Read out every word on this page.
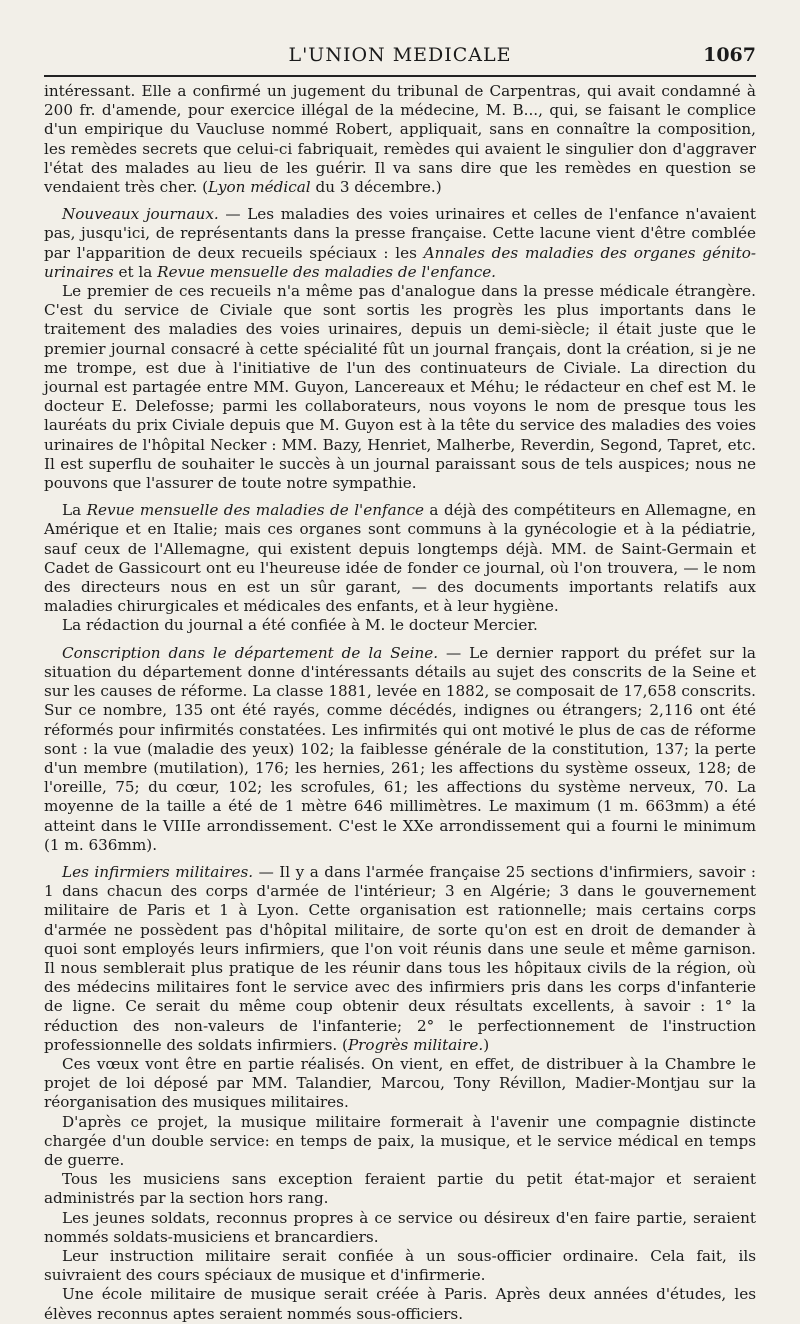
L'UNION MEDICALE	1067

intéressant. Elle a confirmé un jugement du tribunal de Carpentras, qui avait condamné à 200 fr. d'amende, pour exercice illégal de la médecine, M. B..., qui, se faisant le complice d'un empirique du Vaucluse nommé Robert, appliquait, sans en connaître la composition, les remèdes secrets que celui-ci fabriquait, remèdes qui avaient le singulier don d'aggraver l'état des malades au lieu de les guérir. Il va sans dire que les remèdes en question se vendaient très cher. (Lyon médical du 3 décembre.)

Nouveaux journaux. — Les maladies des voies urinaires et celles de l'enfance n'avaient pas, jusqu'ici, de représentants dans la presse française. Cette lacune vient d'être comblée par l'apparition de deux recueils spéciaux : les Annales des maladies des organes génito-urinaires et la Revue mensuelle des maladies de l'enfance.

Le premier de ces recueils n'a même pas d'analogue dans la presse médicale étrangère. C'est du service de Civiale que sont sortis les progrès les plus importants dans le traitement des maladies des voies urinaires, depuis un demi-siècle; il était juste que le premier journal consacré à cette spécialité fût un journal français, dont la création, si je ne me trompe, est due à l'initiative de l'un des continuateurs de Civiale. La direction du journal est partagée entre MM. Guyon, Lancereaux et Méhu; le rédacteur en chef est M. le docteur E. Delefosse; parmi les collaborateurs, nous voyons le nom de presque tous les lauréats du prix Civiale depuis que M. Guyon est à la tête du service des maladies des voies urinaires de l'hôpital Necker : MM. Bazy, Henriet, Malherbe, Reverdin, Segond, Tapret, etc. Il est superflu de souhaiter le succès à un journal paraissant sous de tels auspices; nous ne pouvons que l'assurer de toute notre sympathie.

La Revue mensuelle des maladies de l'enfance a déjà des compétiteurs en Allemagne, en Amérique et en Italie; mais ces organes sont communs à la gynécologie et à la pédiatrie, sauf ceux de l'Allemagne, qui existent depuis longtemps déjà. MM. de Saint-Germain et Cadet de Gassicourt ont eu l'heureuse idée de fonder ce journal, où l'on trouvera, — le nom des directeurs nous en est un sûr garant, — des documents importants relatifs aux maladies chirurgicales et médicales des enfants, et à leur hygiène.

La rédaction du journal a été confiée à M. le docteur Mercier.

Conscription dans le département de la Seine. — Le dernier rapport du préfet sur la situation du département donne d'intéressants détails au sujet des conscrits de la Seine et sur les causes de réforme. La classe 1881, levée en 1882, se composait de 17,658 conscrits. Sur ce nombre, 135 ont été rayés, comme décédés, indignes ou étrangers; 2,116 ont été réformés pour infirmités constatées. Les infirmités qui ont motivé le plus de cas de réforme sont : la vue (maladie des yeux) 102; la faiblesse générale de la constitution, 137; la perte d'un membre (mutilation), 176; les hernies, 261; les affections du système osseux, 128; de l'oreille, 75; du cœur, 102; les scrofules, 61; les affections du système nerveux, 70. La moyenne de la taille a été de 1 mètre 646 millimètres. Le maximum (1 m. 663mm) a été atteint dans le VIIIe arrondissement. C'est le XXe arrondissement qui a fourni le minimum (1 m. 636mm).

Les infirmiers militaires. — Il y a dans l'armée française 25 sections d'infirmiers, savoir : 1 dans chacun des corps d'armée de l'intérieur; 3 en Algérie; 3 dans le gouvernement militaire de Paris et 1 à Lyon. Cette organisation est rationnelle; mais certains corps d'armée ne possèdent pas d'hôpital militaire, de sorte qu'on est en droit de demander à quoi sont employés leurs infirmiers, que l'on voit réunis dans une seule et même garnison. Il nous semblerait plus pratique de les réunir dans tous les hôpitaux civils de la région, où des médecins militaires font le service avec des infirmiers pris dans les corps d'infanterie de ligne. Ce serait du même coup obtenir deux résultats excellents, à savoir : 1° la réduction des non-valeurs de l'infanterie; 2° le perfectionnement de l'instruction professionnelle des soldats infirmiers. (Progrès militaire.)

Ces vœux vont être en partie réalisés. On vient, en effet, de distribuer à la Chambre le projet de loi déposé par MM. Talandier, Marcou, Tony Révillon, Madier-Montjau sur la réorganisation des musiques militaires.

D'après ce projet, la musique militaire formerait à l'avenir une compagnie distincte chargée d'un double service: en temps de paix, la musique, et le service médical en temps de guerre.

Tous les musiciens sans exception feraient partie du petit état-major et seraient administrés par la section hors rang.

Les jeunes soldats, reconnus propres à ce service ou désireux d'en faire partie, seraient nommés soldats-musiciens et brancardiers.

Leur instruction militaire serait confiée à un sous-officier ordinaire. Cela fait, ils suivraient des cours spéciaux de musique et d'infirmerie.

Une école militaire de musique serait créée à Paris. Après deux années d'études, les élèves reconnus aptes seraient nommés sous-officiers.
